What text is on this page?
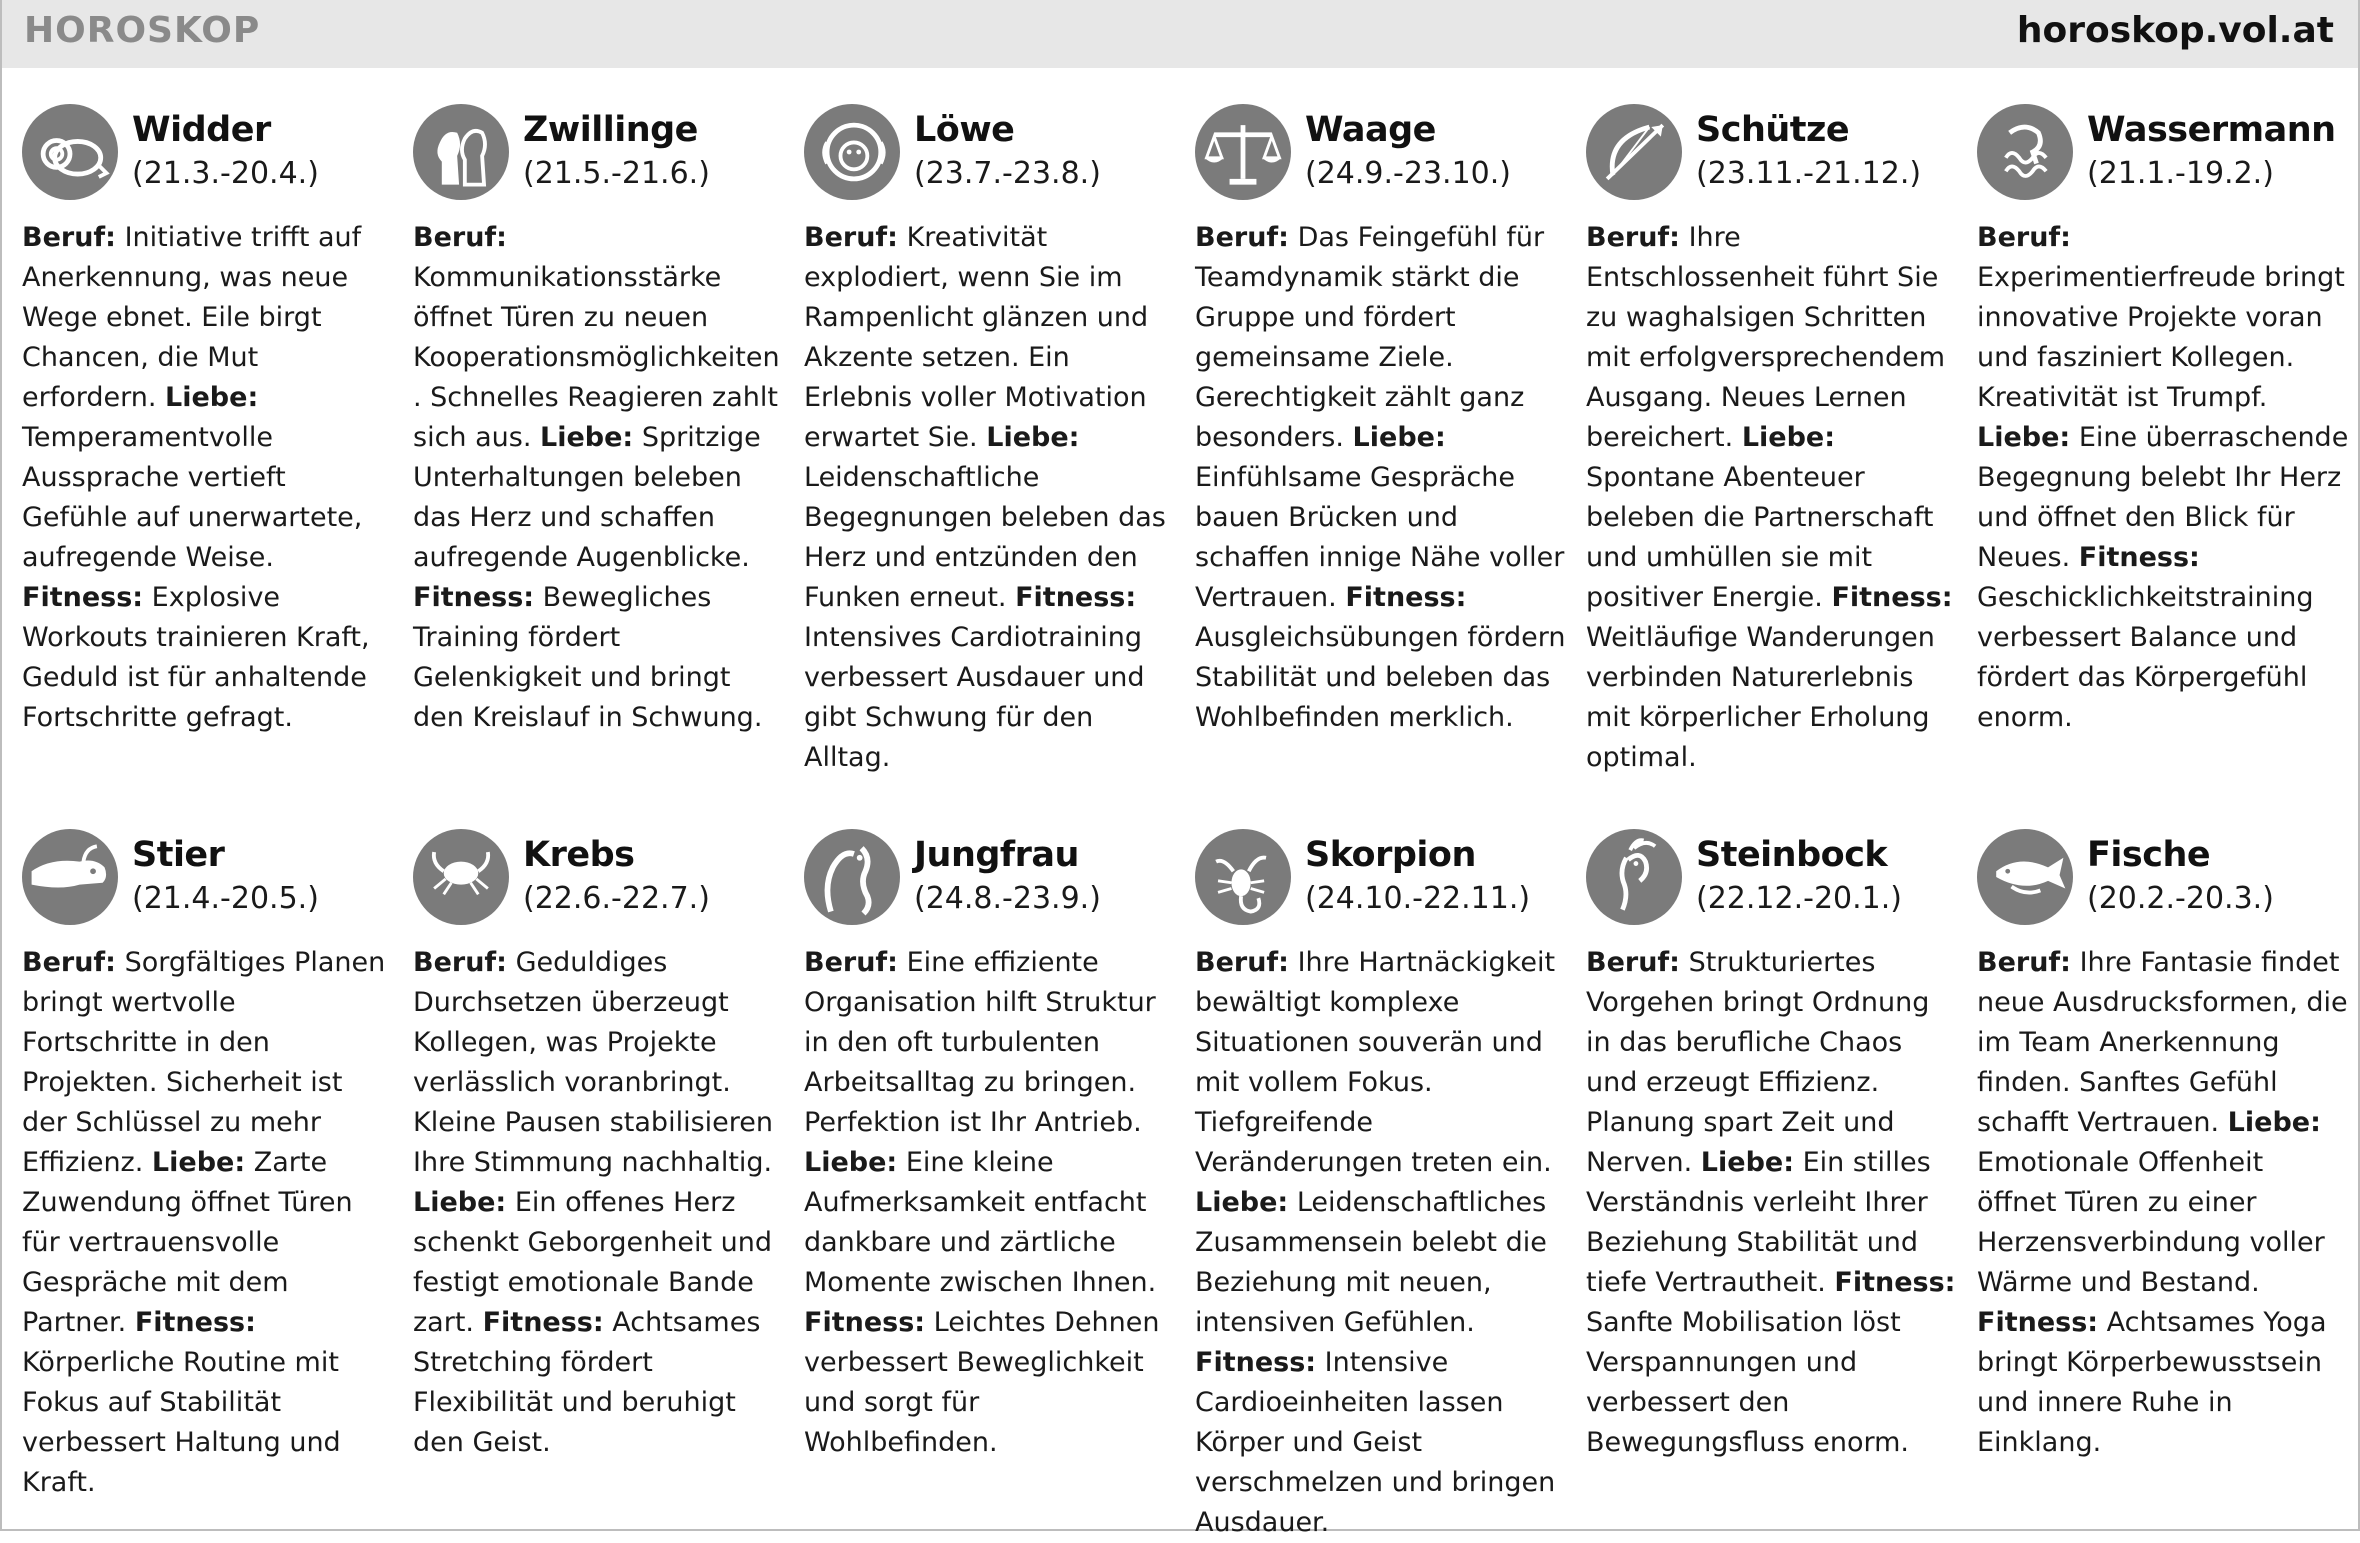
HOROSKOP	horoskop.vol.at
Widder
(21.3.-20.4.)
Beruf: Initiative trifft auf Anerkennung, was neue Wege ebnet. Eile birgt Chancen, die Mut erfordern. Liebe: Temperamentvolle Aussprache vertieft Gefühle auf unerwartete, aufregende Weise. Fitness: Explosive Workouts trainieren Kraft, Geduld ist für anhaltende Fortschritte gefragt.
Zwillinge
(21.5.-21.6.)
Beruf: Kommunikationsstärke öffnet Türen zu neuen Kooperationsmöglichkeiten. Schnelles Reagieren zahlt sich aus. Liebe: Spritzige Unterhaltungen beleben das Herz und schaffen aufregende Augenblicke. Fitness: Bewegliches Training fördert Gelenkigkeit und bringt den Kreislauf in Schwung.
Löwe
(23.7.-23.8.)
Beruf: Kreativität explodiert, wenn Sie im Rampenlicht glänzen und Akzente setzen. Ein Erlebnis voller Motivation erwartet Sie. Liebe: Leidenschaftliche Begegnungen beleben das Herz und entzünden den Funken erneut. Fitness: Intensives Cardiotraining verbessert Ausdauer und gibt Schwung für den Alltag.
Waage
(24.9.-23.10.)
Beruf: Das Feingefühl für Teamdynamik stärkt die Gruppe und fördert gemeinsame Ziele. Gerechtigkeit zählt ganz besonders. Liebe: Einfühlsame Gespräche bauen Brücken und schaffen innige Nähe voller Vertrauen. Fitness: Ausgleichsübungen fördern Stabilität und beleben das Wohlbefinden merklich.
Schütze
(23.11.-21.12.)
Beruf: Ihre Entschlossenheit führt Sie zu waghalsigen Schritten mit erfolgversprechendem Ausgang. Neues Lernen bereichert. Liebe: Spontane Abenteuer beleben die Partnerschaft und umhüllen sie mit positiver Energie. Fitness: Weitläufige Wanderungen verbinden Naturerlebnis mit körperlicher Erholung optimal.
Wassermann
(21.1.-19.2.)
Beruf: Experimentierfreude bringt innovative Projekte voran und fasziniert Kollegen. Kreativität ist Trumpf. Liebe: Eine überraschende Begegnung belebt Ihr Herz und öffnet den Blick für Neues. Fitness: Geschicklichkeitstraining verbessert Balance und fördert das Körpergefühl enorm.
Stier
(21.4.-20.5.)
Beruf: Sorgfältiges Planen bringt wertvolle Fortschritte in den Projekten. Sicherheit ist der Schlüssel zu mehr Effizienz. Liebe: Zarte Zuwendung öffnet Türen für vertrauensvolle Gespräche mit dem Partner. Fitness: Körperliche Routine mit Fokus auf Stabilität verbessert Haltung und Kraft.
Krebs
(22.6.-22.7.)
Beruf: Geduldiges Durchsetzen überzeugt Kollegen, was Projekte verlässlich voranbringt. Kleine Pausen stabilisieren Ihre Stimmung nachhaltig. Liebe: Ein offenes Herz schenkt Geborgenheit und festigt emotionale Bande zart. Fitness: Achtsames Stretching fördert Flexibilität und beruhigt den Geist.
Jungfrau
(24.8.-23.9.)
Beruf: Eine effiziente Organisation hilft Struktur in den oft turbulenten Arbeitsalltag zu bringen. Perfektion ist Ihr Antrieb. Liebe: Eine kleine Aufmerksamkeit entfacht dankbare und zärtliche Momente zwischen Ihnen. Fitness: Leichtes Dehnen verbessert Beweglichkeit und sorgt für Wohlbefinden.
Skorpion
(24.10.-22.11.)
Beruf: Ihre Hartnäckigkeit bewältigt komplexe Situationen souverän und mit vollem Fokus. Tiefgreifende Veränderungen treten ein. Liebe: Leidenschaftliches Zusammensein belebt die Beziehung mit neuen, intensiven Gefühlen. Fitness: Intensive Cardioeinheiten lassen Körper und Geist verschmelzen und bringen Ausdauer.
Steinbock
(22.12.-20.1.)
Beruf: Strukturiertes Vorgehen bringt Ordnung in das berufliche Chaos und erzeugt Effizienz. Planung spart Zeit und Nerven. Liebe: Ein stilles Verständnis verleiht Ihrer Beziehung Stabilität und tiefe Vertrautheit. Fitness: Sanfte Mobilisation löst Verspannungen und verbessert den Bewegungsfluss enorm.
Fische
(20.2.-20.3.)
Beruf: Ihre Fantasie findet neue Ausdrucksformen, die im Team Anerkennung finden. Sanftes Gefühl schafft Vertrauen. Liebe: Emotionale Offenheit öffnet Türen zu einer Herzensverbindung voller Wärme und Bestand. Fitness: Achtsames Yoga bringt Körperbewusstsein und innere Ruhe in Einklang.
